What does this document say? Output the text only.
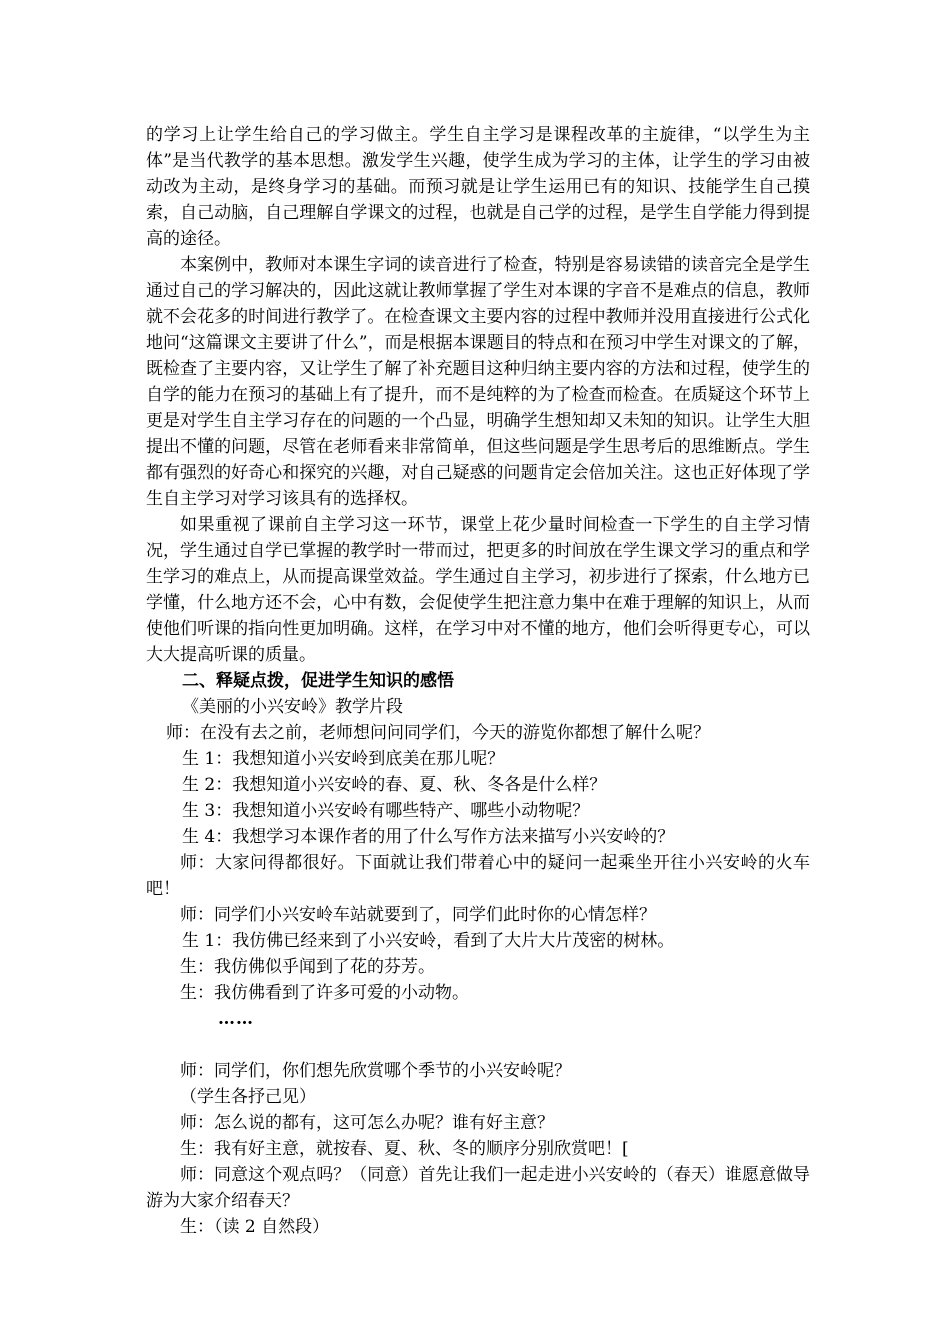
的学习上让学生给自己的学习做主。学生自主学习是课程改革的主旋律，“以学生为主体”是当代教学的基本思想。激发学生兴趣，使学生成为学习的主体，让学生的学习由被动改为主动，是终身学习的基础。而预习就是让学生运用已有的知识、技能学生自己摸索，自己动脑，自己理解自学课文的过程，也就是自己学的过程，是学生自学能力得到提高的途径。

本案例中，教师对本课生字词的读音进行了检查，特别是容易读错的读音完全是学生通过自己的学习解决的，因此这就让教师掌握了学生对本课的字音不是难点的信息，教师就不会花多的时间进行教学了。在检查课文主要内容的过程中教师并没用直接进行公式化地问“这篇课文主要讲了什么”，而是根据本课题目的特点和在预习中学生对课文的了解，既检查了主要内容，又让学生了解了补充题目这种归纳主要内容的方法和过程，使学生的自学的能力在预习的基础上有了提升，而不是纯粹的为了检查而检查。在质疑这个环节上更是对学生自主学习存在的问题的一个凸显，明确学生想知却又未知的知识。让学生大胆提出不懂的问题，尽管在老师看来非常简单，但这些问题是学生思考后的思维断点。学生都有强烈的好奇心和探究的兴趣，对自己疑惑的问题肯定会倍加关注。这也正好体现了学生自主学习对学习该具有的选择权。

如果重视了课前自主学习这一环节，课堂上花少量时间检查一下学生的自主学习情况，学生通过自学已掌握的教学时一带而过，把更多的时间放在学生课文学习的重点和学生学习的难点上，从而提高课堂效益。学生通过自主学习，初步进行了探索，什么地方已学懂，什么地方还不会，心中有数，会促使学生把注意力集中在难于理解的知识上，从而使他们听课的指向性更加明确。这样，在学习中对不懂的地方，他们会听得更专心，可以大大提高听课的质量。

二、释疑点拨，促进学生知识的感悟

《美丽的小兴安岭》教学片段

师：在没有去之前，老师想问问同学们，今天的游览你都想了解什么呢？

生 1：我想知道小兴安岭到底美在那儿呢？

生 2：我想知道小兴安岭的春、夏、秋、冬各是什么样？

生 3：我想知道小兴安岭有哪些特产、哪些小动物呢？

生 4：我想学习本课作者的用了什么写作方法来描写小兴安岭的？

师：大家问得都很好。下面就让我们带着心中的疑问一起乘坐开往小兴安岭的火车吧！

师：同学们小兴安岭车站就要到了，同学们此时你的心情怎样？

生 1：我仿佛已经来到了小兴安岭，看到了大片大片茂密的树林。

生：我仿佛似乎闻到了花的芬芳。

生：我仿佛看到了许多可爱的小动物。

……

师：同学们，你们想先欣赏哪个季节的小兴安岭呢？

（学生各抒己见）

师：怎么说的都有，这可怎么办呢？谁有好主意？

生：我有好主意，就按春、夏、秋、冬的顺序分别欣赏吧！[

师：同意这个观点吗？（同意）首先让我们一起走进小兴安岭的（春天）谁愿意做导游为大家介绍春天？

生：（读 2 自然段）
